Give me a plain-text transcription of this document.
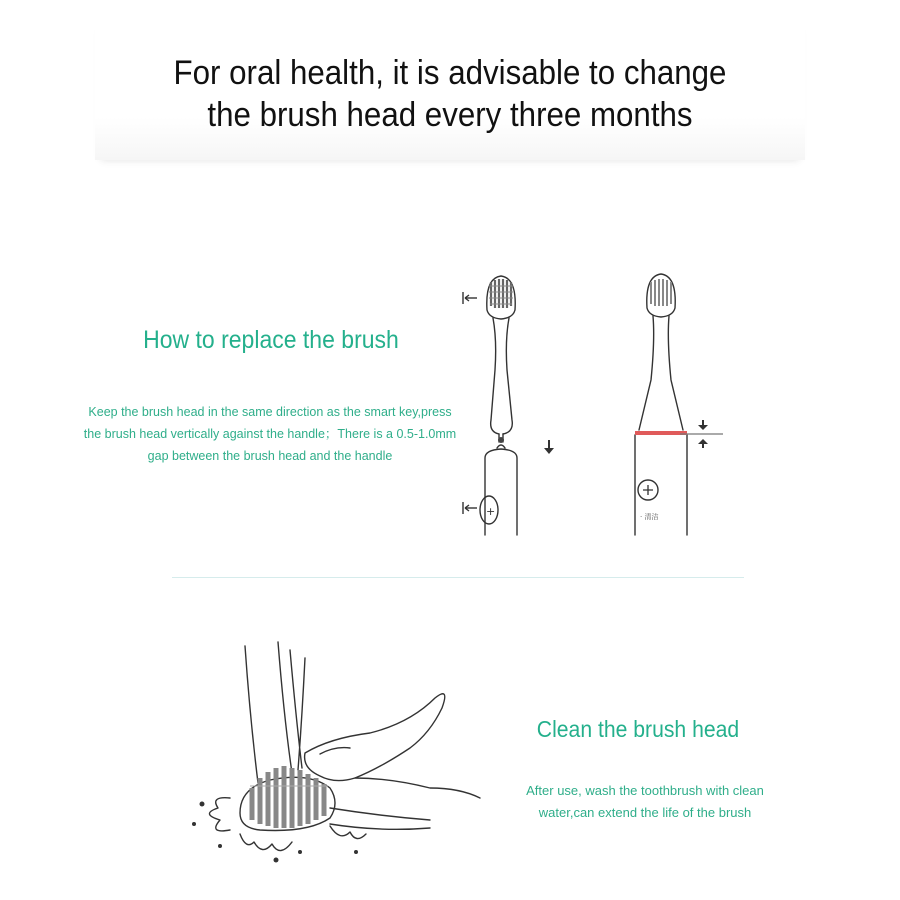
For oral health, it is advisable to change
the brush head every three months
How to replace the brush
Keep the brush head in the same direction as the smart key,press
the brush head vertically against the handle；There is a 0.5-1.0mm
gap between the brush head and the handle
+	· 清洁
Clean the brush head
After use, wash the toothbrush with clean
water,can extend the life of the brush
